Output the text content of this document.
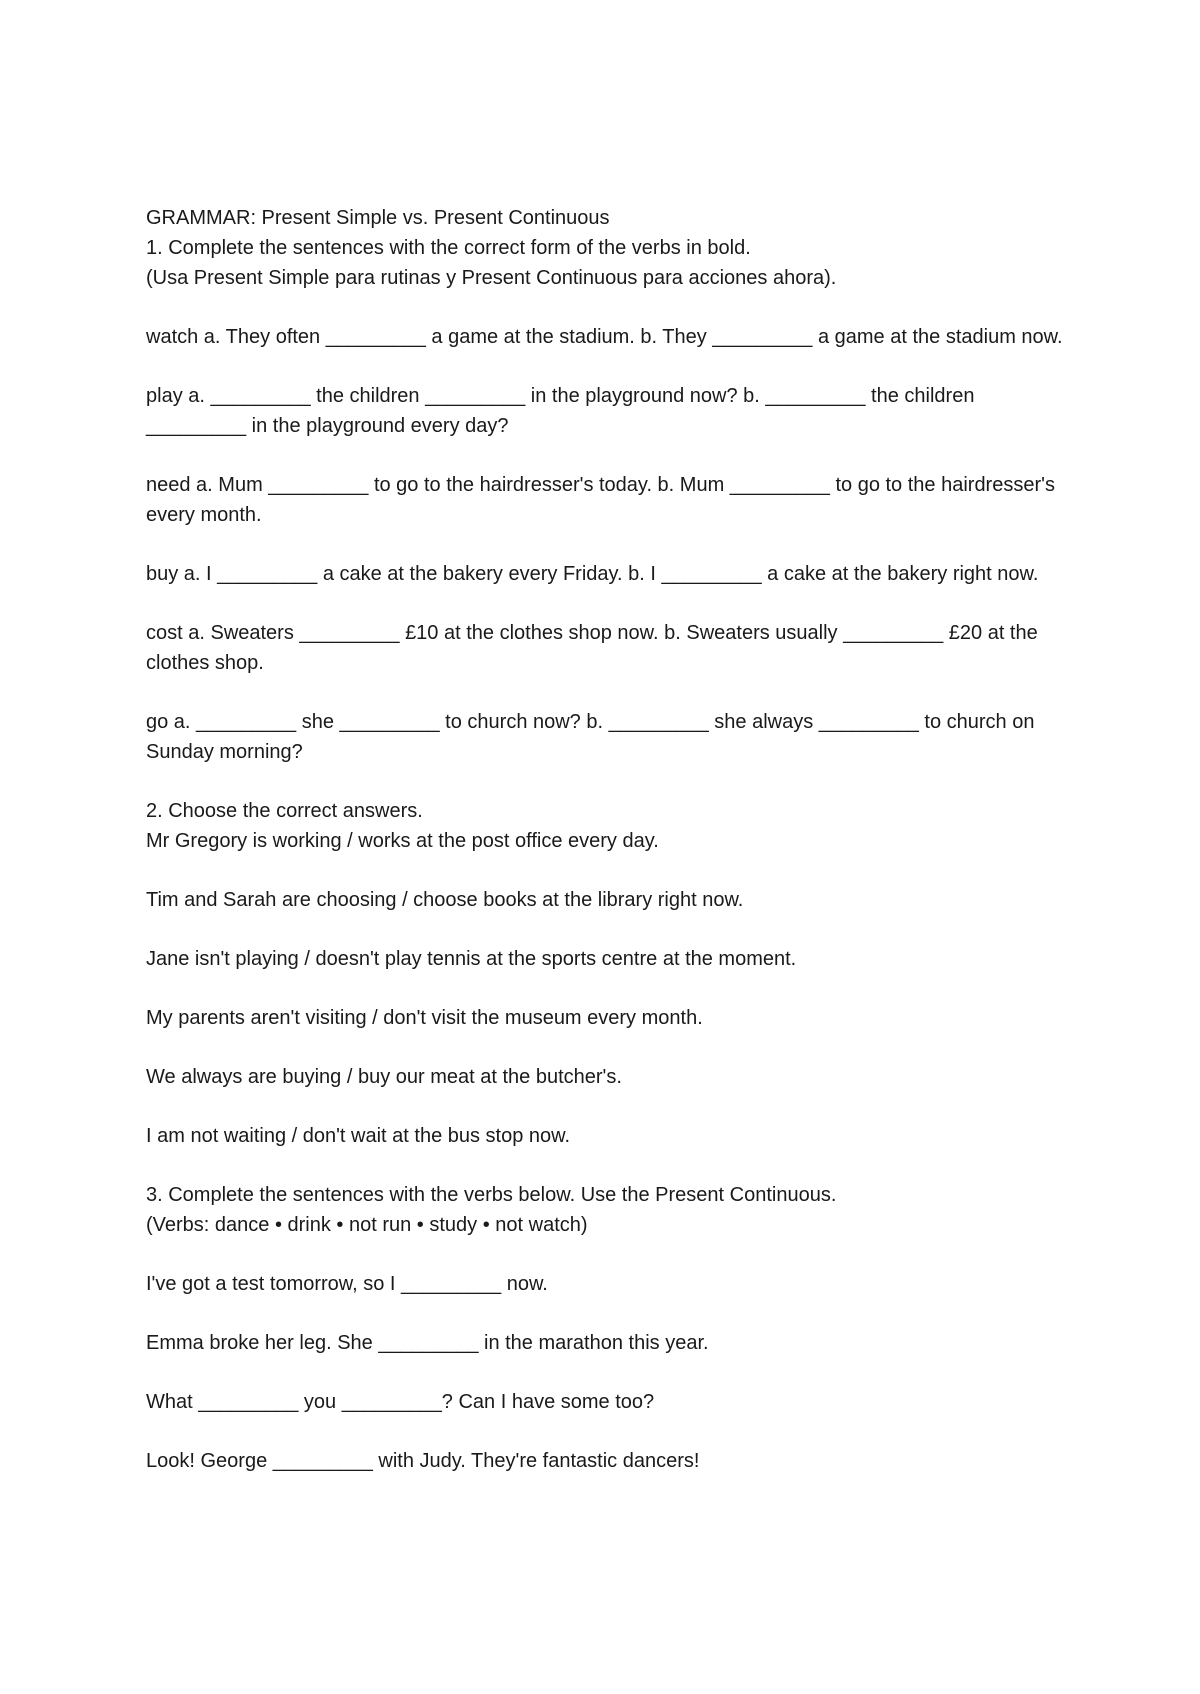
GRAMMAR: Present Simple vs. Present Continuous

1. Complete the sentences with the correct form of the verbs in bold.

(Usa Present Simple para rutinas y Present Continuous para acciones ahora).

watch a. They often _________ a game at the stadium. b. They _________ a game at the stadium now.

play a. _________ the children _________ in the playground now? b. _________ the children _________ in the playground every day?

need a. Mum _________ to go to the hairdresser's today. b. Mum _________ to go to the hairdresser's every month.

buy a. I _________ a cake at the bakery every Friday. b. I _________ a cake at the bakery right now.

cost a. Sweaters _________ £10 at the clothes shop now. b. Sweaters usually _________ £20 at the clothes shop.

go a. _________ she _________ to church now? b. _________ she always _________ to church on Sunday morning?

2. Choose the correct answers.

Mr Gregory is working / works at the post office every day.

Tim and Sarah are choosing / choose books at the library right now.

Jane isn't playing / doesn't play tennis at the sports centre at the moment.

My parents aren't visiting / don't visit the museum every month.

We always are buying / buy our meat at the butcher's.

I am not waiting / don't wait at the bus stop now.

3. Complete the sentences with the verbs below. Use the Present Continuous.

(Verbs: dance • drink • not run • study • not watch)

I've got a test tomorrow, so I _________ now.

Emma broke her leg. She _________ in the marathon this year.

What _________ you _________? Can I have some too?

Look! George _________ with Judy. They're fantastic dancers!
